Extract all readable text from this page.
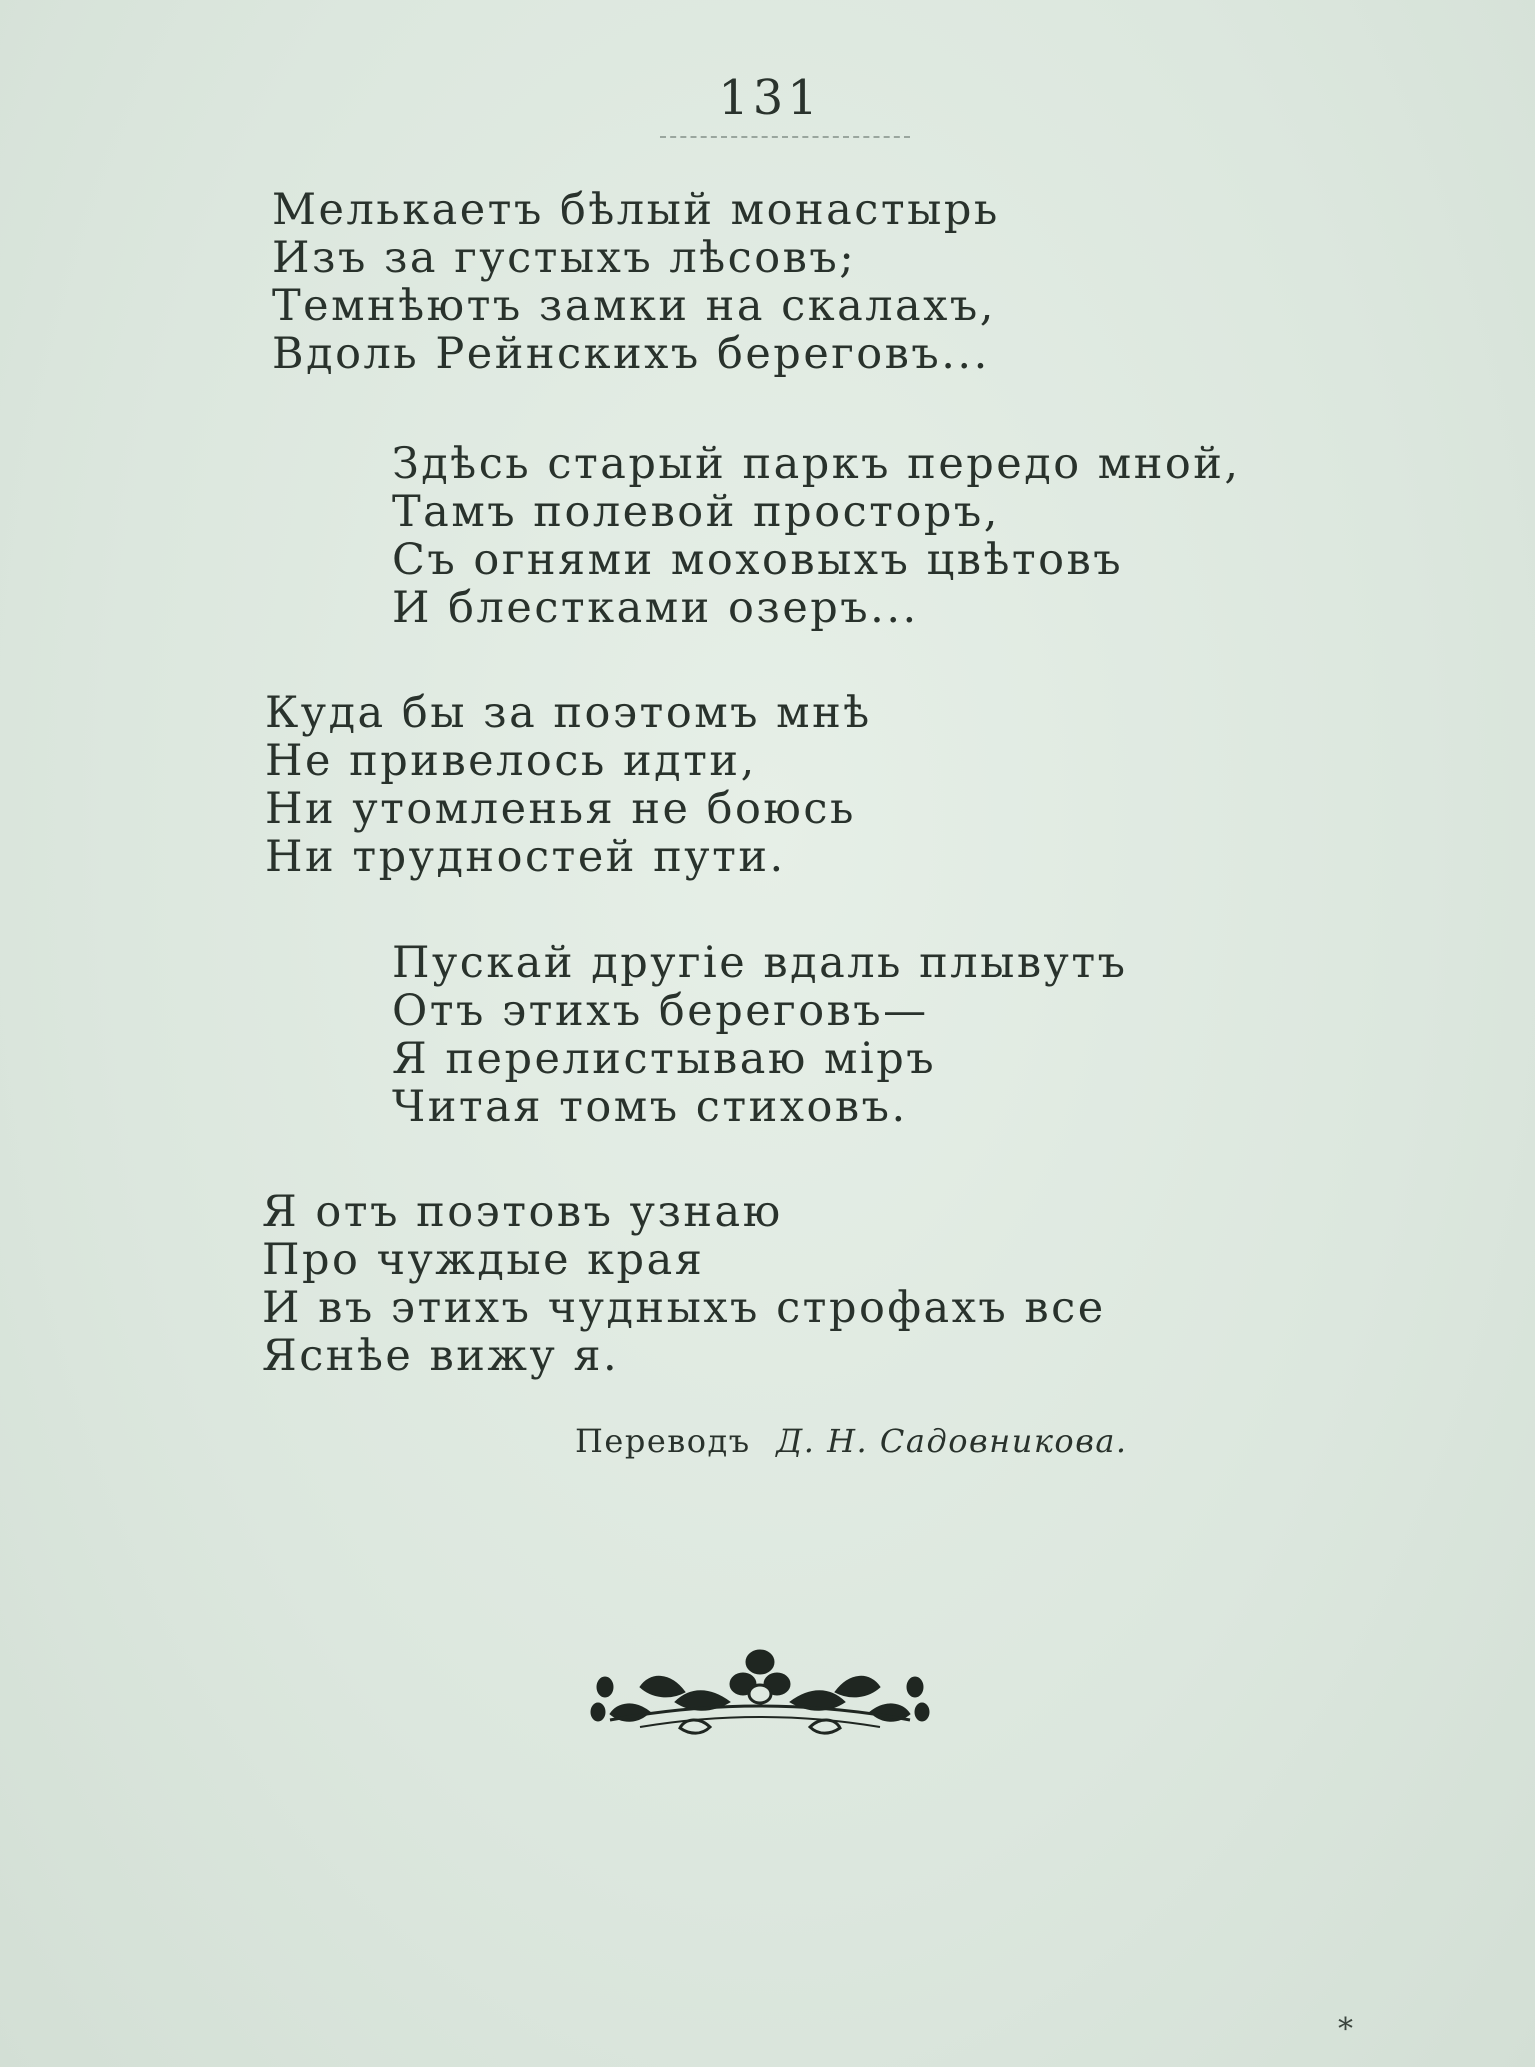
131
Мелькаетъ бѣлый монастырь
Изъ за густыхъ лѣсовъ;
Темнѣютъ замки на скалахъ,
Вдоль Рейнскихъ береговъ...
Здѣсь старый паркъ передо мной,
Тамъ полевой просторъ,
Съ огнями моховыхъ цвѣтовъ
И блестками озеръ...
Куда бы за поэтомъ мнѣ
Не привелось идти,
Ни утомленья не боюсь
Ни трудностей пути.
Пускай другіе вдаль плывутъ
Отъ этихъ береговъ—
Я перелистываю міръ
Читая томъ стиховъ.
Я отъ поэтовъ узнаю
Про чуждые края
И въ этихъ чудныхъ строфахъ все
Яснѣе вижу я.
Переводъ Д. Н. Садовникова.
*
